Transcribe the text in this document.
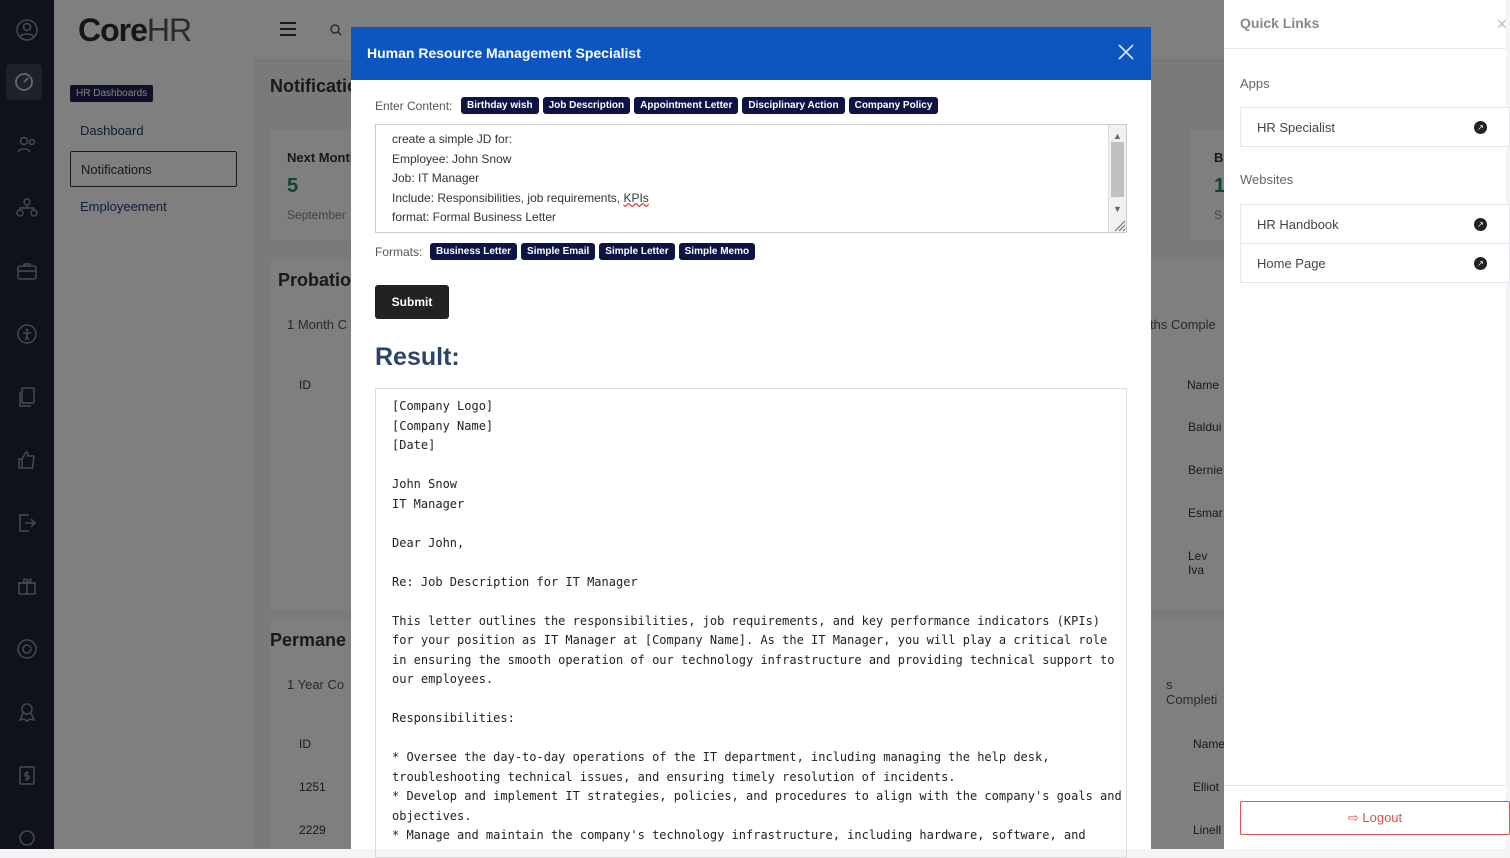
Human Resource Management Specialist
Enter Content:	Birthday wish	Job Description	Appointment Letter	Disciplinary Action	Company Policy
create a simple JD for:
Employee: John Snow
Job: IT Manager
Include: Responsibilities, job requirements, KPIs
format: Formal Business Letter
▲
▼
Formats:	Business Letter	Simple Email	Simple Letter	Simple Memo
Submit
Result:
[Company Logo]
[Company Name]
[Date]
John Snow
IT Manager
Dear John,
Re: Job Description for IT Manager
This letter outlines the responsibilities, job requirements, and key performance indicators (KPIs)
for your position as IT Manager at [Company Name]. As the IT Manager, you will play a critical role
in ensuring the smooth operation of our technology infrastructure and providing technical support to
our employees.
Responsibilities:
* Oversee the day-to-day operations of the IT department, including managing the help desk,
troubleshooting technical issues, and ensuring timely resolution of incidents.
* Develop and implement IT strategies, policies, and procedures to align with the company's goals and
objectives.
* Manage and maintain the company's technology infrastructure, including hardware, software, and
Quick Links	✕
Apps
HR Specialist	↗
Websites
HR Handbook	↗
Home Page	↗
⇨ Logout
